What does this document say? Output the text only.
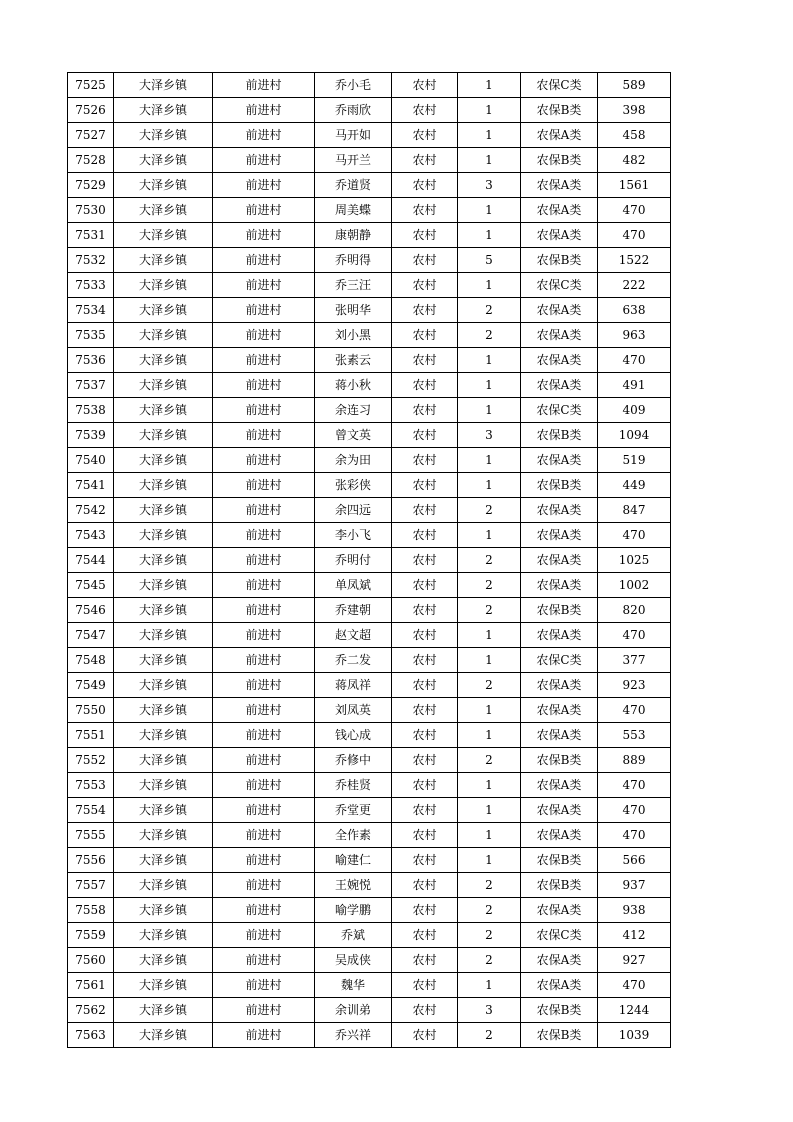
7525	大泽乡镇	前进村	乔小毛	农村	1	农保C类	589
7526	大泽乡镇	前进村	乔雨欣	农村	1	农保B类	398
7527	大泽乡镇	前进村	马开如	农村	1	农保A类	458
7528	大泽乡镇	前进村	马开兰	农村	1	农保B类	482
7529	大泽乡镇	前进村	乔道贤	农村	3	农保A类	1561
7530	大泽乡镇	前进村	周美蝶	农村	1	农保A类	470
7531	大泽乡镇	前进村	康朝静	农村	1	农保A类	470
7532	大泽乡镇	前进村	乔明得	农村	5	农保B类	1522
7533	大泽乡镇	前进村	乔三汪	农村	1	农保C类	222
7534	大泽乡镇	前进村	张明华	农村	2	农保A类	638
7535	大泽乡镇	前进村	刘小黑	农村	2	农保A类	963
7536	大泽乡镇	前进村	张素云	农村	1	农保A类	470
7537	大泽乡镇	前进村	蒋小秋	农村	1	农保A类	491
7538	大泽乡镇	前进村	余连习	农村	1	农保C类	409
7539	大泽乡镇	前进村	曾文英	农村	3	农保B类	1094
7540	大泽乡镇	前进村	余为田	农村	1	农保A类	519
7541	大泽乡镇	前进村	张彩侠	农村	1	农保B类	449
7542	大泽乡镇	前进村	余四远	农村	2	农保A类	847
7543	大泽乡镇	前进村	李小飞	农村	1	农保A类	470
7544	大泽乡镇	前进村	乔明付	农村	2	农保A类	1025
7545	大泽乡镇	前进村	单凤斌	农村	2	农保A类	1002
7546	大泽乡镇	前进村	乔建朝	农村	2	农保B类	820
7547	大泽乡镇	前进村	赵文超	农村	1	农保A类	470
7548	大泽乡镇	前进村	乔二发	农村	1	农保C类	377
7549	大泽乡镇	前进村	蒋凤祥	农村	2	农保A类	923
7550	大泽乡镇	前进村	刘凤英	农村	1	农保A类	470
7551	大泽乡镇	前进村	钱心成	农村	1	农保A类	553
7552	大泽乡镇	前进村	乔修中	农村	2	农保B类	889
7553	大泽乡镇	前进村	乔桂贤	农村	1	农保A类	470
7554	大泽乡镇	前进村	乔堂更	农村	1	农保A类	470
7555	大泽乡镇	前进村	全作素	农村	1	农保A类	470
7556	大泽乡镇	前进村	喻建仁	农村	1	农保B类	566
7557	大泽乡镇	前进村	王婉悦	农村	2	农保B类	937
7558	大泽乡镇	前进村	喻学鹏	农村	2	农保A类	938
7559	大泽乡镇	前进村	乔斌	农村	2	农保C类	412
7560	大泽乡镇	前进村	吴成侠	农村	2	农保A类	927
7561	大泽乡镇	前进村	魏华	农村	1	农保A类	470
7562	大泽乡镇	前进村	余训弟	农村	3	农保B类	1244
7563	大泽乡镇	前进村	乔兴祥	农村	2	农保B类	1039
